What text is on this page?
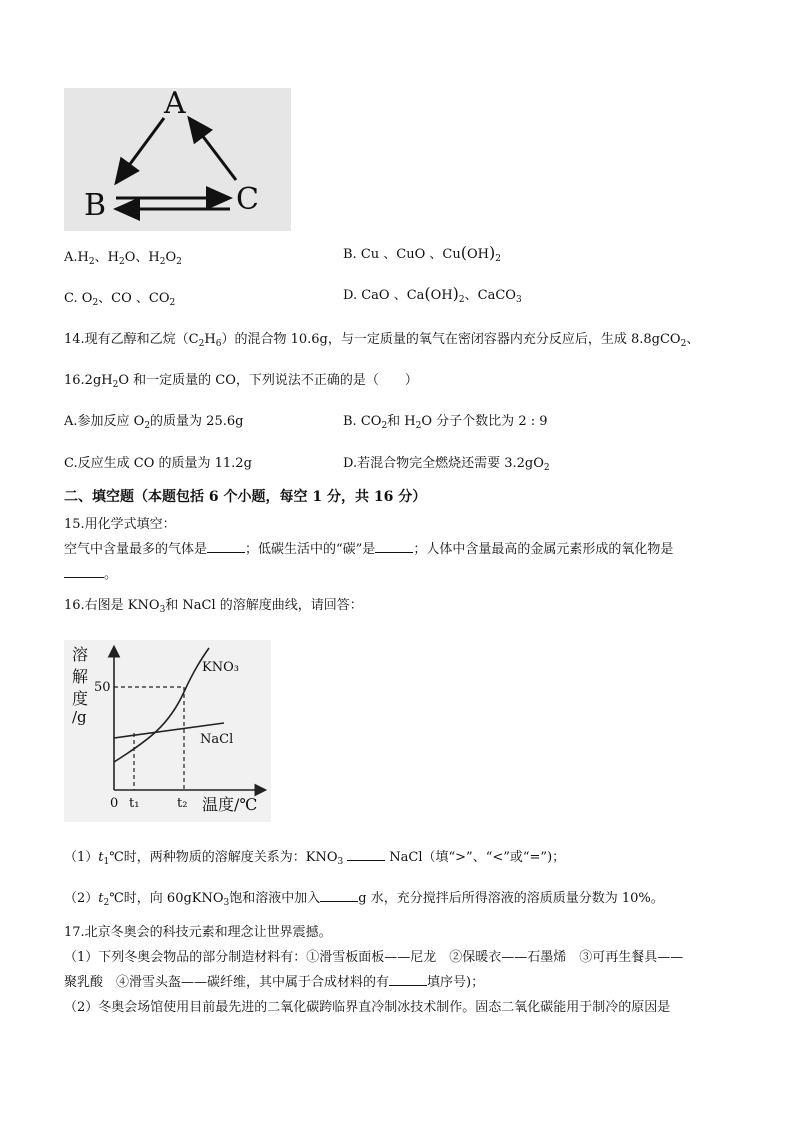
A
B	C
$A.H_2$、$H_2O$、$H_2O_2$	B. Cu 、CuO 、$Cu(OH)_2$
C. $O_2$、CO 、$CO_2$	D. CaO 、$Ca(OH)_2$、CaCO$_3$
14.现有乙醇和乙烷$(C_2H_6)$的混合物 10.6g，与一定质量的氧气在密闭容器内充分反应后，生成 8.8gCO$_2$、
$16.2gH_2O$ 和一定质量的 CO，下列说法不正确的是（　　）
A.参加反应 $O_2$的质量为 25.6g	B. $CO_2$和 $H_2O$ 分子个数比为 2 : 9
C.反应生成 CO 的质量为 11.2g	D.若混合物完全燃烧还需要 $3.2gO_2$
二、填空题（本题包括 6 个小题，每空 1 分，共 16 分）
15.用化学式填空：
空气中含量最多的气体是	；低碳生活中的“碳”是	；人体中含量最高的金属元素形成的氧化物是
。
16.右图是 $KNO_3$和 NaCl 的溶解度曲线，请回答：
溶
解
度
/g
50
KNO₃
NaCl
0 t₁	t₂ 温度/℃
$(1)t_1℃$时，两种物质的溶解度关系为：$KNO_3$	NaCl（填“>”、“<”或“=”)；
$(2)t_2℃$时，向 60gKNO$_3$饱和溶液中加入	g 水，充分搅拌后所得溶液的溶质质量分数为 10%。
17.北京冬奥会的科技元素和理念让世界震撼。
（1）下列冬奥会物品的部分制造材料有：①滑雪板面板——尼龙　②保暖衣——石墨烯　③可再生餐具——
聚乳酸　④滑雪头盔——碳纤维，其中属于合成材料的有	填序号)；
（2）冬奥会场馆使用目前最先进的二氧化碳跨临界直冷制冰技术制作。固态二氧化碳能用于制冷的原因是
